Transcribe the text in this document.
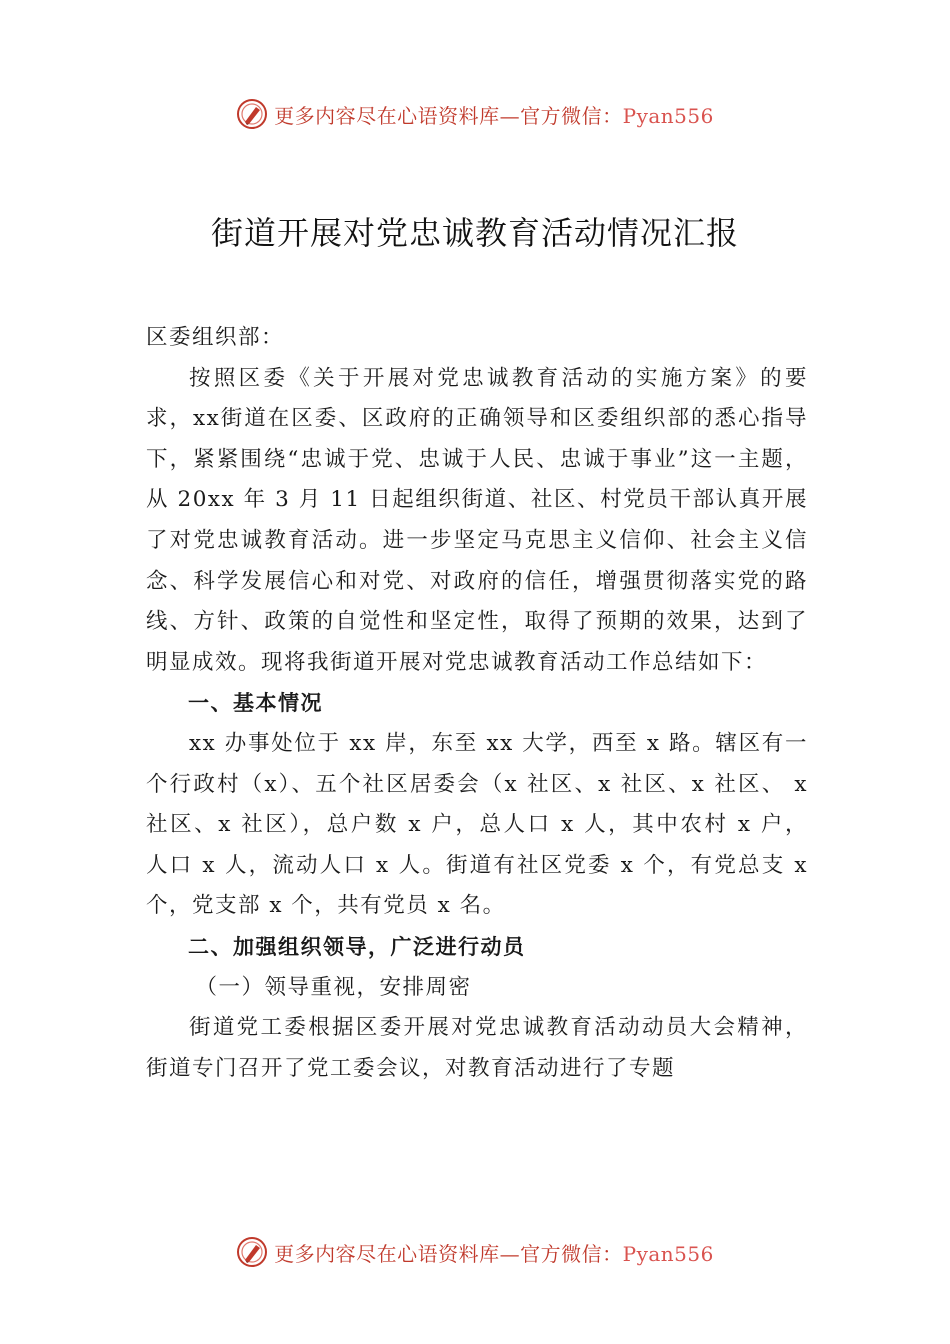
更多内容尽在心语资料库—官方微信：Pyan556
街道开展对党忠诚教育活动情况汇报

区委组织部：

按照区委《关于开展对党忠诚教育活动的实施方案》的要求，xx街道在区委、区政府的正确领导和区委组织部的悉心指导下，紧紧围绕“忠诚于党、忠诚于人民、忠诚于事业”这一主题，从 20xx 年 3 月 11 日起组织街道、社区、村党员干部认真开展了对党忠诚教育活动。进一步坚定马克思主义信仰、社会主义信念、科学发展信心和对党、对政府的信任，增强贯彻落实党的路线、方针、政策的自觉性和坚定性，取得了预期的效果，达到了明显成效。现将我街道开展对党忠诚教育活动工作总结如下：

一、基本情况

xx 办事处位于 xx 岸，东至 xx 大学，西至 x 路。辖区有一个行政村（x）、五个社区居委会（x 社区、x 社区、x 社区、 x 社区、x 社区），总户数 x 户，总人口 x 人，其中农村 x 户， 人口 x 人，流动人口 x 人。街道有社区党委 x 个，有党总支 x 个，党支部 x 个，共有党员 x 名。

二、加强组织领导，广泛进行动员

（一）领导重视，安排周密

街道党工委根据区委开展对党忠诚教育活动动员大会精神，街道专门召开了党工委会议，对教育活动进行了专题

更多内容尽在心语资料库—官方微信：Pyan556
